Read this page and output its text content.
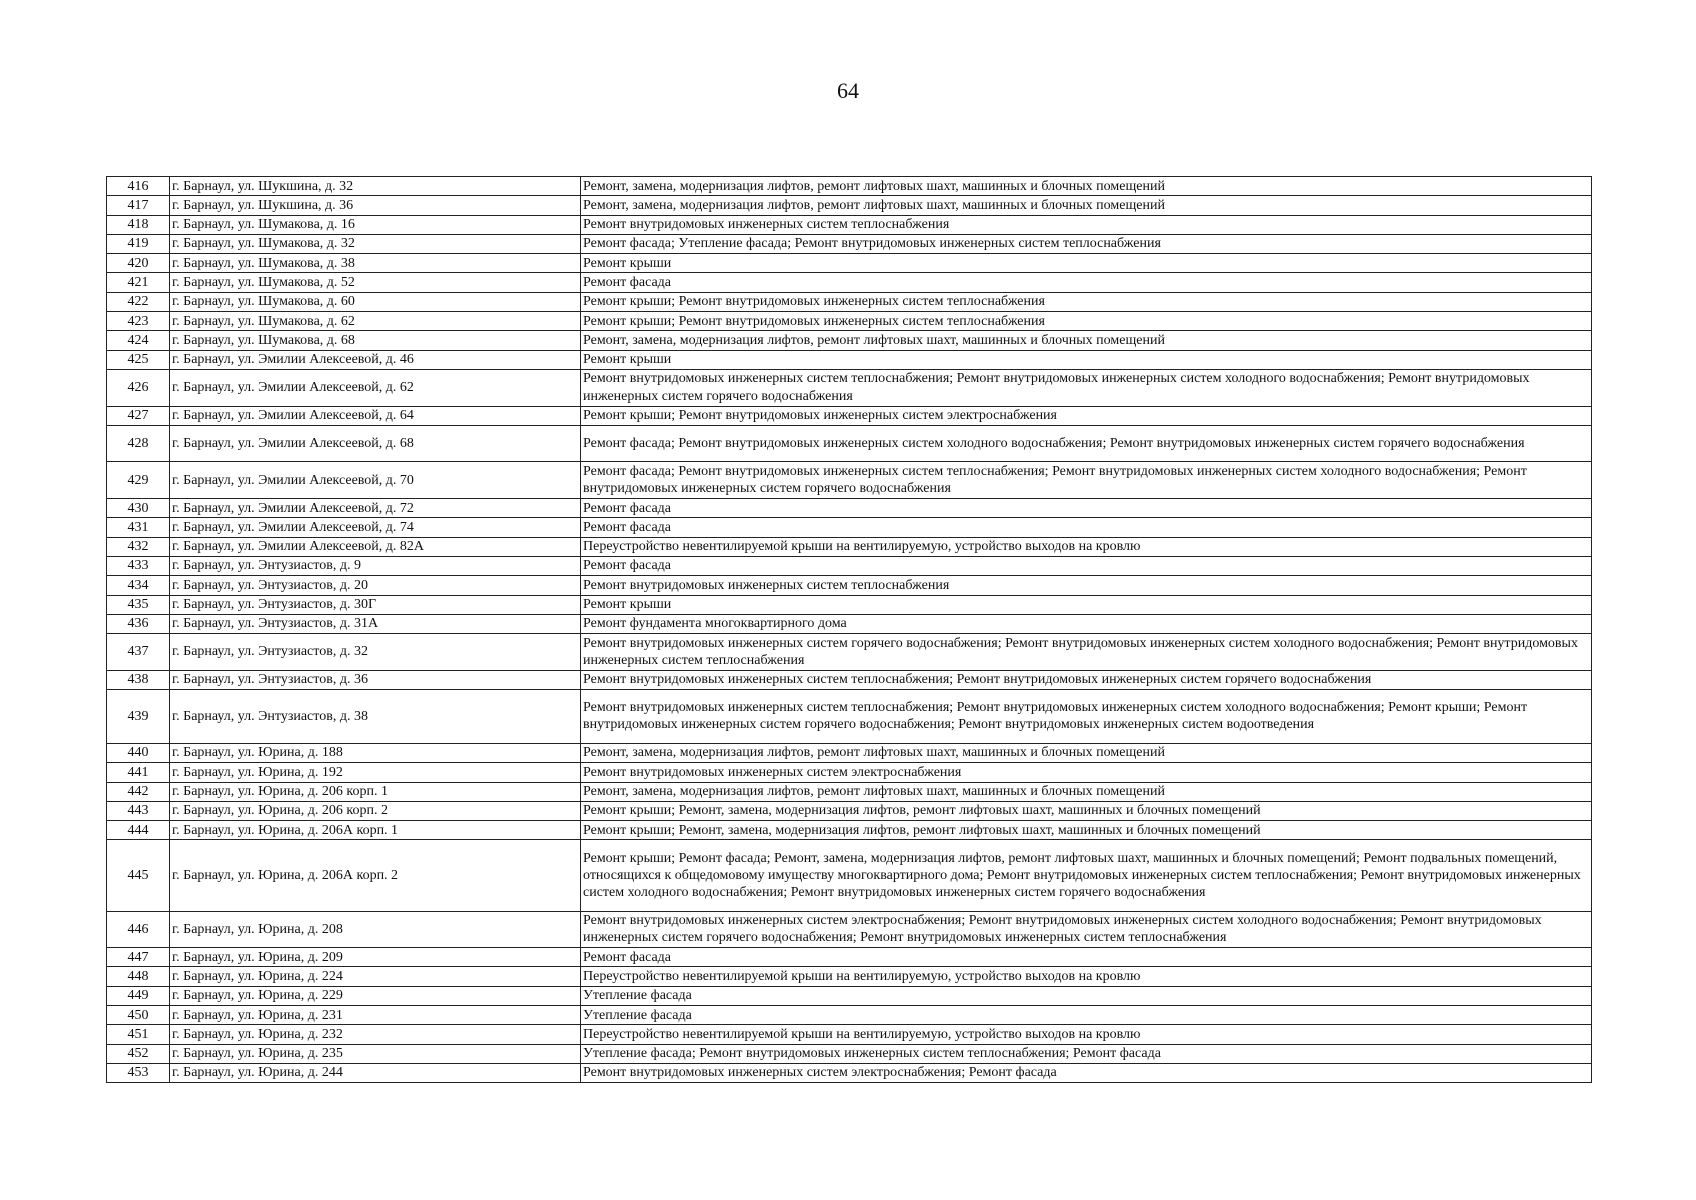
64
416	г. Барнаул, ул. Шукшина, д. 32	Ремонт, замена, модернизация лифтов, ремонт лифтовых шахт, машинных и блочных помещений
417	г. Барнаул, ул. Шукшина, д. 36	Ремонт, замена, модернизация лифтов, ремонт лифтовых шахт, машинных и блочных помещений
418	г. Барнаул, ул. Шумакова, д. 16	Ремонт внутридомовых инженерных систем теплоснабжения
419	г. Барнаул, ул. Шумакова, д. 32	Ремонт фасада; Утепление фасада; Ремонт внутридомовых инженерных систем теплоснабжения
420	г. Барнаул, ул. Шумакова, д. 38	Ремонт крыши
421	г. Барнаул, ул. Шумакова, д. 52	Ремонт фасада
422	г. Барнаул, ул. Шумакова, д. 60	Ремонт крыши; Ремонт внутридомовых инженерных систем теплоснабжения
423	г. Барнаул, ул. Шумакова, д. 62	Ремонт крыши; Ремонт внутридомовых инженерных систем теплоснабжения
424	г. Барнаул, ул. Шумакова, д. 68	Ремонт, замена, модернизация лифтов, ремонт лифтовых шахт, машинных и блочных помещений
425	г. Барнаул, ул. Эмилии Алексеевой, д. 46	Ремонт крыши
426	г. Барнаул, ул. Эмилии Алексеевой, д. 62	Ремонт внутридомовых инженерных систем теплоснабжения; Ремонт внутридомовых инженерных систем холодного водоснабжения; Ремонт внутридомовых инженерных систем горячего водоснабжения
427	г. Барнаул, ул. Эмилии Алексеевой, д. 64	Ремонт крыши; Ремонт внутридомовых инженерных систем электроснабжения
428	г. Барнаул, ул. Эмилии Алексеевой, д. 68	Ремонт фасада; Ремонт внутридомовых инженерных систем холодного водоснабжения; Ремонт внутридомовых инженерных систем горячего водоснабжения
429	г. Барнаул, ул. Эмилии Алексеевой, д. 70	Ремонт фасада; Ремонт внутридомовых инженерных систем теплоснабжения; Ремонт внутридомовых инженерных систем холодного водоснабжения; Ремонт внутридомовых инженерных систем горячего водоснабжения
430	г. Барнаул, ул. Эмилии Алексеевой, д. 72	Ремонт фасада
431	г. Барнаул, ул. Эмилии Алексеевой, д. 74	Ремонт фасада
432	г. Барнаул, ул. Эмилии Алексеевой, д. 82А	Переустройство невентилируемой крыши на вентилируемую, устройство выходов на кровлю
433	г. Барнаул, ул. Энтузиастов, д. 9	Ремонт фасада
434	г. Барнаул, ул. Энтузиастов, д. 20	Ремонт внутридомовых инженерных систем теплоснабжения
435	г. Барнаул, ул. Энтузиастов, д. 30Г	Ремонт крыши
436	г. Барнаул, ул. Энтузиастов, д. 31А	Ремонт фундамента многоквартирного дома
437	г. Барнаул, ул. Энтузиастов, д. 32	Ремонт внутридомовых инженерных систем горячего водоснабжения; Ремонт внутридомовых инженерных систем холодного водоснабжения; Ремонт внутридомовых инженерных систем теплоснабжения
438	г. Барнаул, ул. Энтузиастов, д. 36	Ремонт внутридомовых инженерных систем теплоснабжения; Ремонт внутридомовых инженерных систем горячего водоснабжения
439	г. Барнаул, ул. Энтузиастов, д. 38	Ремонт внутридомовых инженерных систем теплоснабжения; Ремонт внутридомовых инженерных систем холодного водоснабжения; Ремонт крыши; Ремонт внутридомовых инженерных систем горячего водоснабжения; Ремонт внутридомовых инженерных систем водоотведения
440	г. Барнаул, ул. Юрина, д. 188	Ремонт, замена, модернизация лифтов, ремонт лифтовых шахт, машинных и блочных помещений
441	г. Барнаул, ул. Юрина, д. 192	Ремонт внутридомовых инженерных систем электроснабжения
442	г. Барнаул, ул. Юрина, д. 206 корп. 1	Ремонт, замена, модернизация лифтов, ремонт лифтовых шахт, машинных и блочных помещений
443	г. Барнаул, ул. Юрина, д. 206 корп. 2	Ремонт крыши; Ремонт, замена, модернизация лифтов, ремонт лифтовых шахт, машинных и блочных помещений
444	г. Барнаул, ул. Юрина, д. 206А корп. 1	Ремонт крыши; Ремонт, замена, модернизация лифтов, ремонт лифтовых шахт, машинных и блочных помещений
445	г. Барнаул, ул. Юрина, д. 206А корп. 2	Ремонт крыши; Ремонт фасада; Ремонт, замена, модернизация лифтов, ремонт лифтовых шахт, машинных и блочных помещений; Ремонт подвальных помещений, относящихся к общедомовому имуществу многоквартирного дома; Ремонт внутридомовых инженерных систем теплоснабжения; Ремонт внутридомовых инженерных систем холодного водоснабжения; Ремонт внутридомовых инженерных систем горячего водоснабжения
446	г. Барнаул, ул. Юрина, д. 208	Ремонт внутридомовых инженерных систем электроснабжения; Ремонт внутридомовых инженерных систем холодного водоснабжения; Ремонт внутридомовых инженерных систем горячего водоснабжения; Ремонт внутридомовых инженерных систем теплоснабжения
447	г. Барнаул, ул. Юрина, д. 209	Ремонт фасада
448	г. Барнаул, ул. Юрина, д. 224	Переустройство невентилируемой крыши на вентилируемую, устройство выходов на кровлю
449	г. Барнаул, ул. Юрина, д. 229	Утепление фасада
450	г. Барнаул, ул. Юрина, д. 231	Утепление фасада
451	г. Барнаул, ул. Юрина, д. 232	Переустройство невентилируемой крыши на вентилируемую, устройство выходов на кровлю
452	г. Барнаул, ул. Юрина, д. 235	Утепление фасада; Ремонт внутридомовых инженерных систем теплоснабжения; Ремонт фасада
453	г. Барнаул, ул. Юрина, д. 244	Ремонт внутридомовых инженерных систем электроснабжения; Ремонт фасада
